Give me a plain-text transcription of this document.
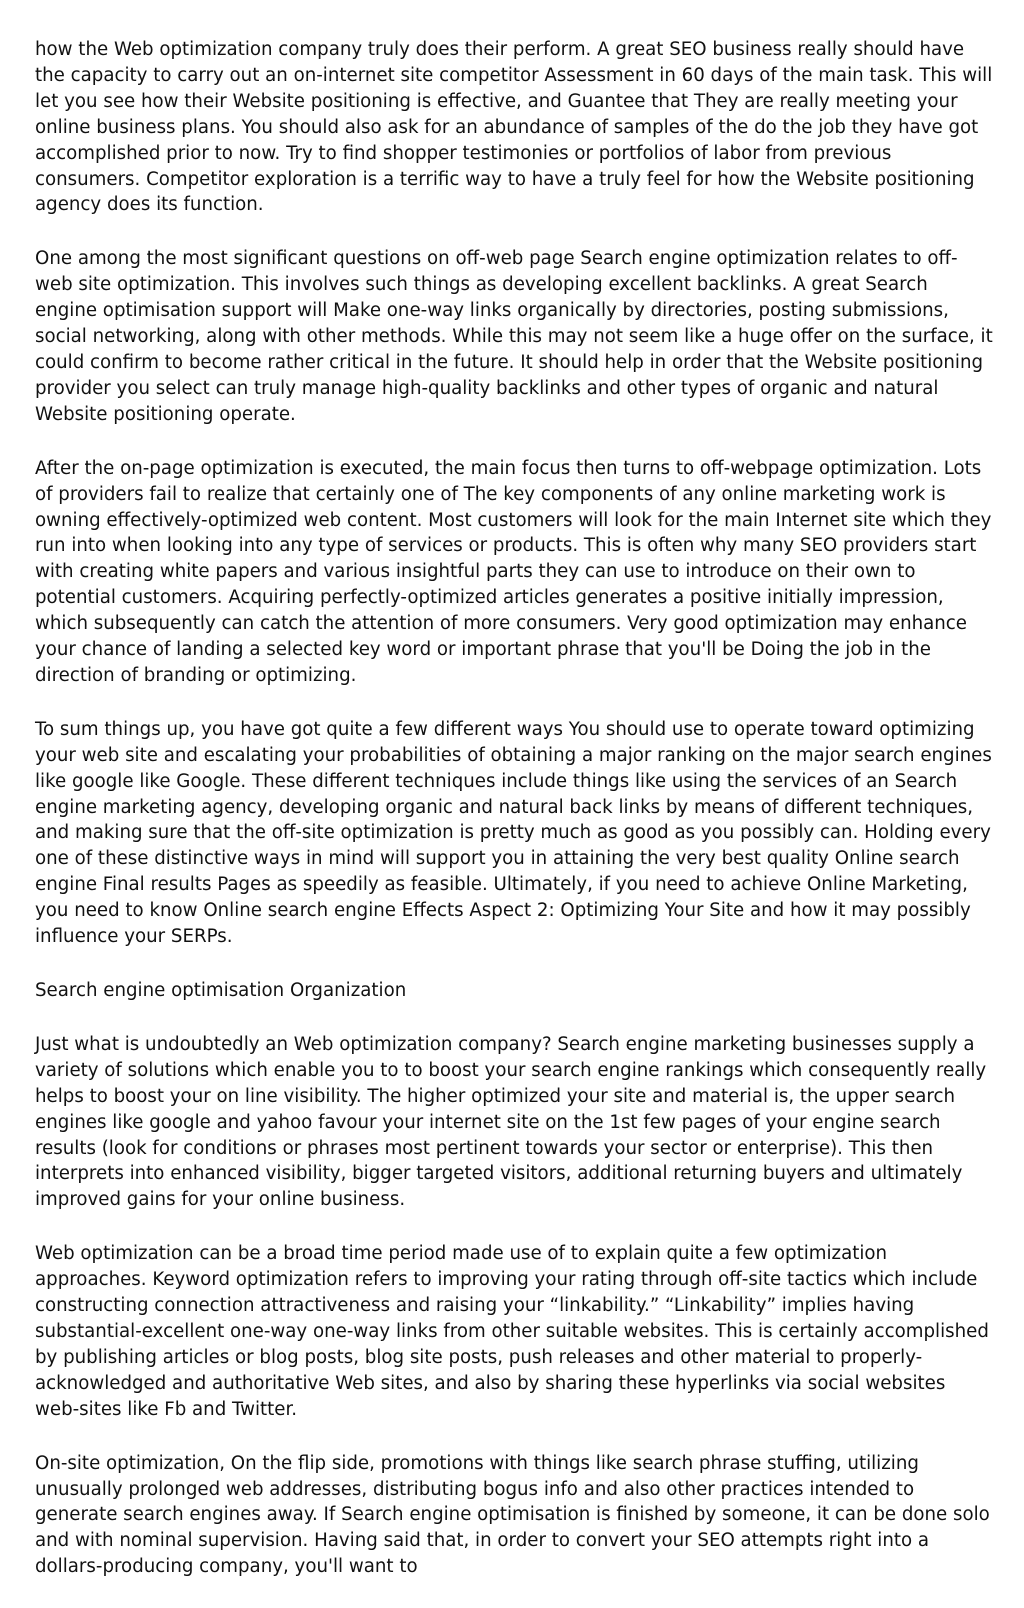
how the Web optimization company truly does their perform. A great SEO business really should have the capacity to carry out an on-internet site competitor Assessment in 60 days of the main task. This will let you see how their Website positioning is effective, and Guantee that They are really meeting your online business plans. You should also ask for an abundance of samples of the do the job they have got accomplished prior to now. Try to find shopper testimonies or portfolios of labor from previous consumers. Competitor exploration is a terrific way to have a truly feel for how the Website positioning agency does its function.

One among the most significant questions on off-web page Search engine optimization relates to off-web site optimization. This involves such things as developing excellent backlinks. A great Search engine optimisation support will Make one-way links organically by directories, posting submissions, social networking, along with other methods. While this may not seem like a huge offer on the surface, it could confirm to become rather critical in the future. It should help in order that the Website positioning provider you select can truly manage high-quality backlinks and other types of organic and natural Website positioning operate.

After the on-page optimization is executed, the main focus then turns to off-webpage optimization. Lots of providers fail to realize that certainly one of The key components of any online marketing work is owning effectively-optimized web content. Most customers will look for the main Internet site which they run into when looking into any type of services or products. This is often why many SEO providers start with creating white papers and various insightful parts they can use to introduce on their own to potential customers. Acquiring perfectly-optimized articles generates a positive initially impression, which subsequently can catch the attention of more consumers. Very good optimization may enhance your chance of landing a selected key word or important phrase that you'll be Doing the job in the direction of branding or optimizing.

To sum things up, you have got quite a few different ways You should use to operate toward optimizing your web site and escalating your probabilities of obtaining a major ranking on the major search engines like google like Google. These different techniques include things like using the services of an Search engine marketing agency, developing organic and natural back links by means of different techniques, and making sure that the off-site optimization is pretty much as good as you possibly can. Holding every one of these distinctive ways in mind will support you in attaining the very best quality Online search engine Final results Pages as speedily as feasible. Ultimately, if you need to achieve Online Marketing, you need to know Online search engine Effects Aspect 2: Optimizing Your Site and how it may possibly influence your SERPs.

Search engine optimisation Organization

Just what is undoubtedly an Web optimization company? Search engine marketing businesses supply a variety of solutions which enable you to to boost your search engine rankings which consequently really helps to boost your on line visibility. The higher optimized your site and material is, the upper search engines like google and yahoo favour your internet site on the 1st few pages of your engine search results (look for conditions or phrases most pertinent towards your sector or enterprise). This then interprets into enhanced visibility, bigger targeted visitors, additional returning buyers and ultimately improved gains for your online business.

Web optimization can be a broad time period made use of to explain quite a few optimization approaches. Keyword optimization refers to improving your rating through off-site tactics which include constructing connection attractiveness and raising your “linkability.” “Linkability” implies having substantial-excellent one-way one-way links from other suitable websites. This is certainly accomplished by publishing articles or blog posts, blog site posts, push releases and other material to properly-acknowledged and authoritative Web sites, and also by sharing these hyperlinks via social websites web-sites like Fb and Twitter.

On-site optimization, On the flip side, promotions with things like search phrase stuffing, utilizing unusually prolonged web addresses, distributing bogus info and also other practices intended to generate search engines away. If Search engine optimisation is finished by someone, it can be done solo and with nominal supervision. Having said that, in order to convert your SEO attempts right into a dollars-producing company, you'll want to
